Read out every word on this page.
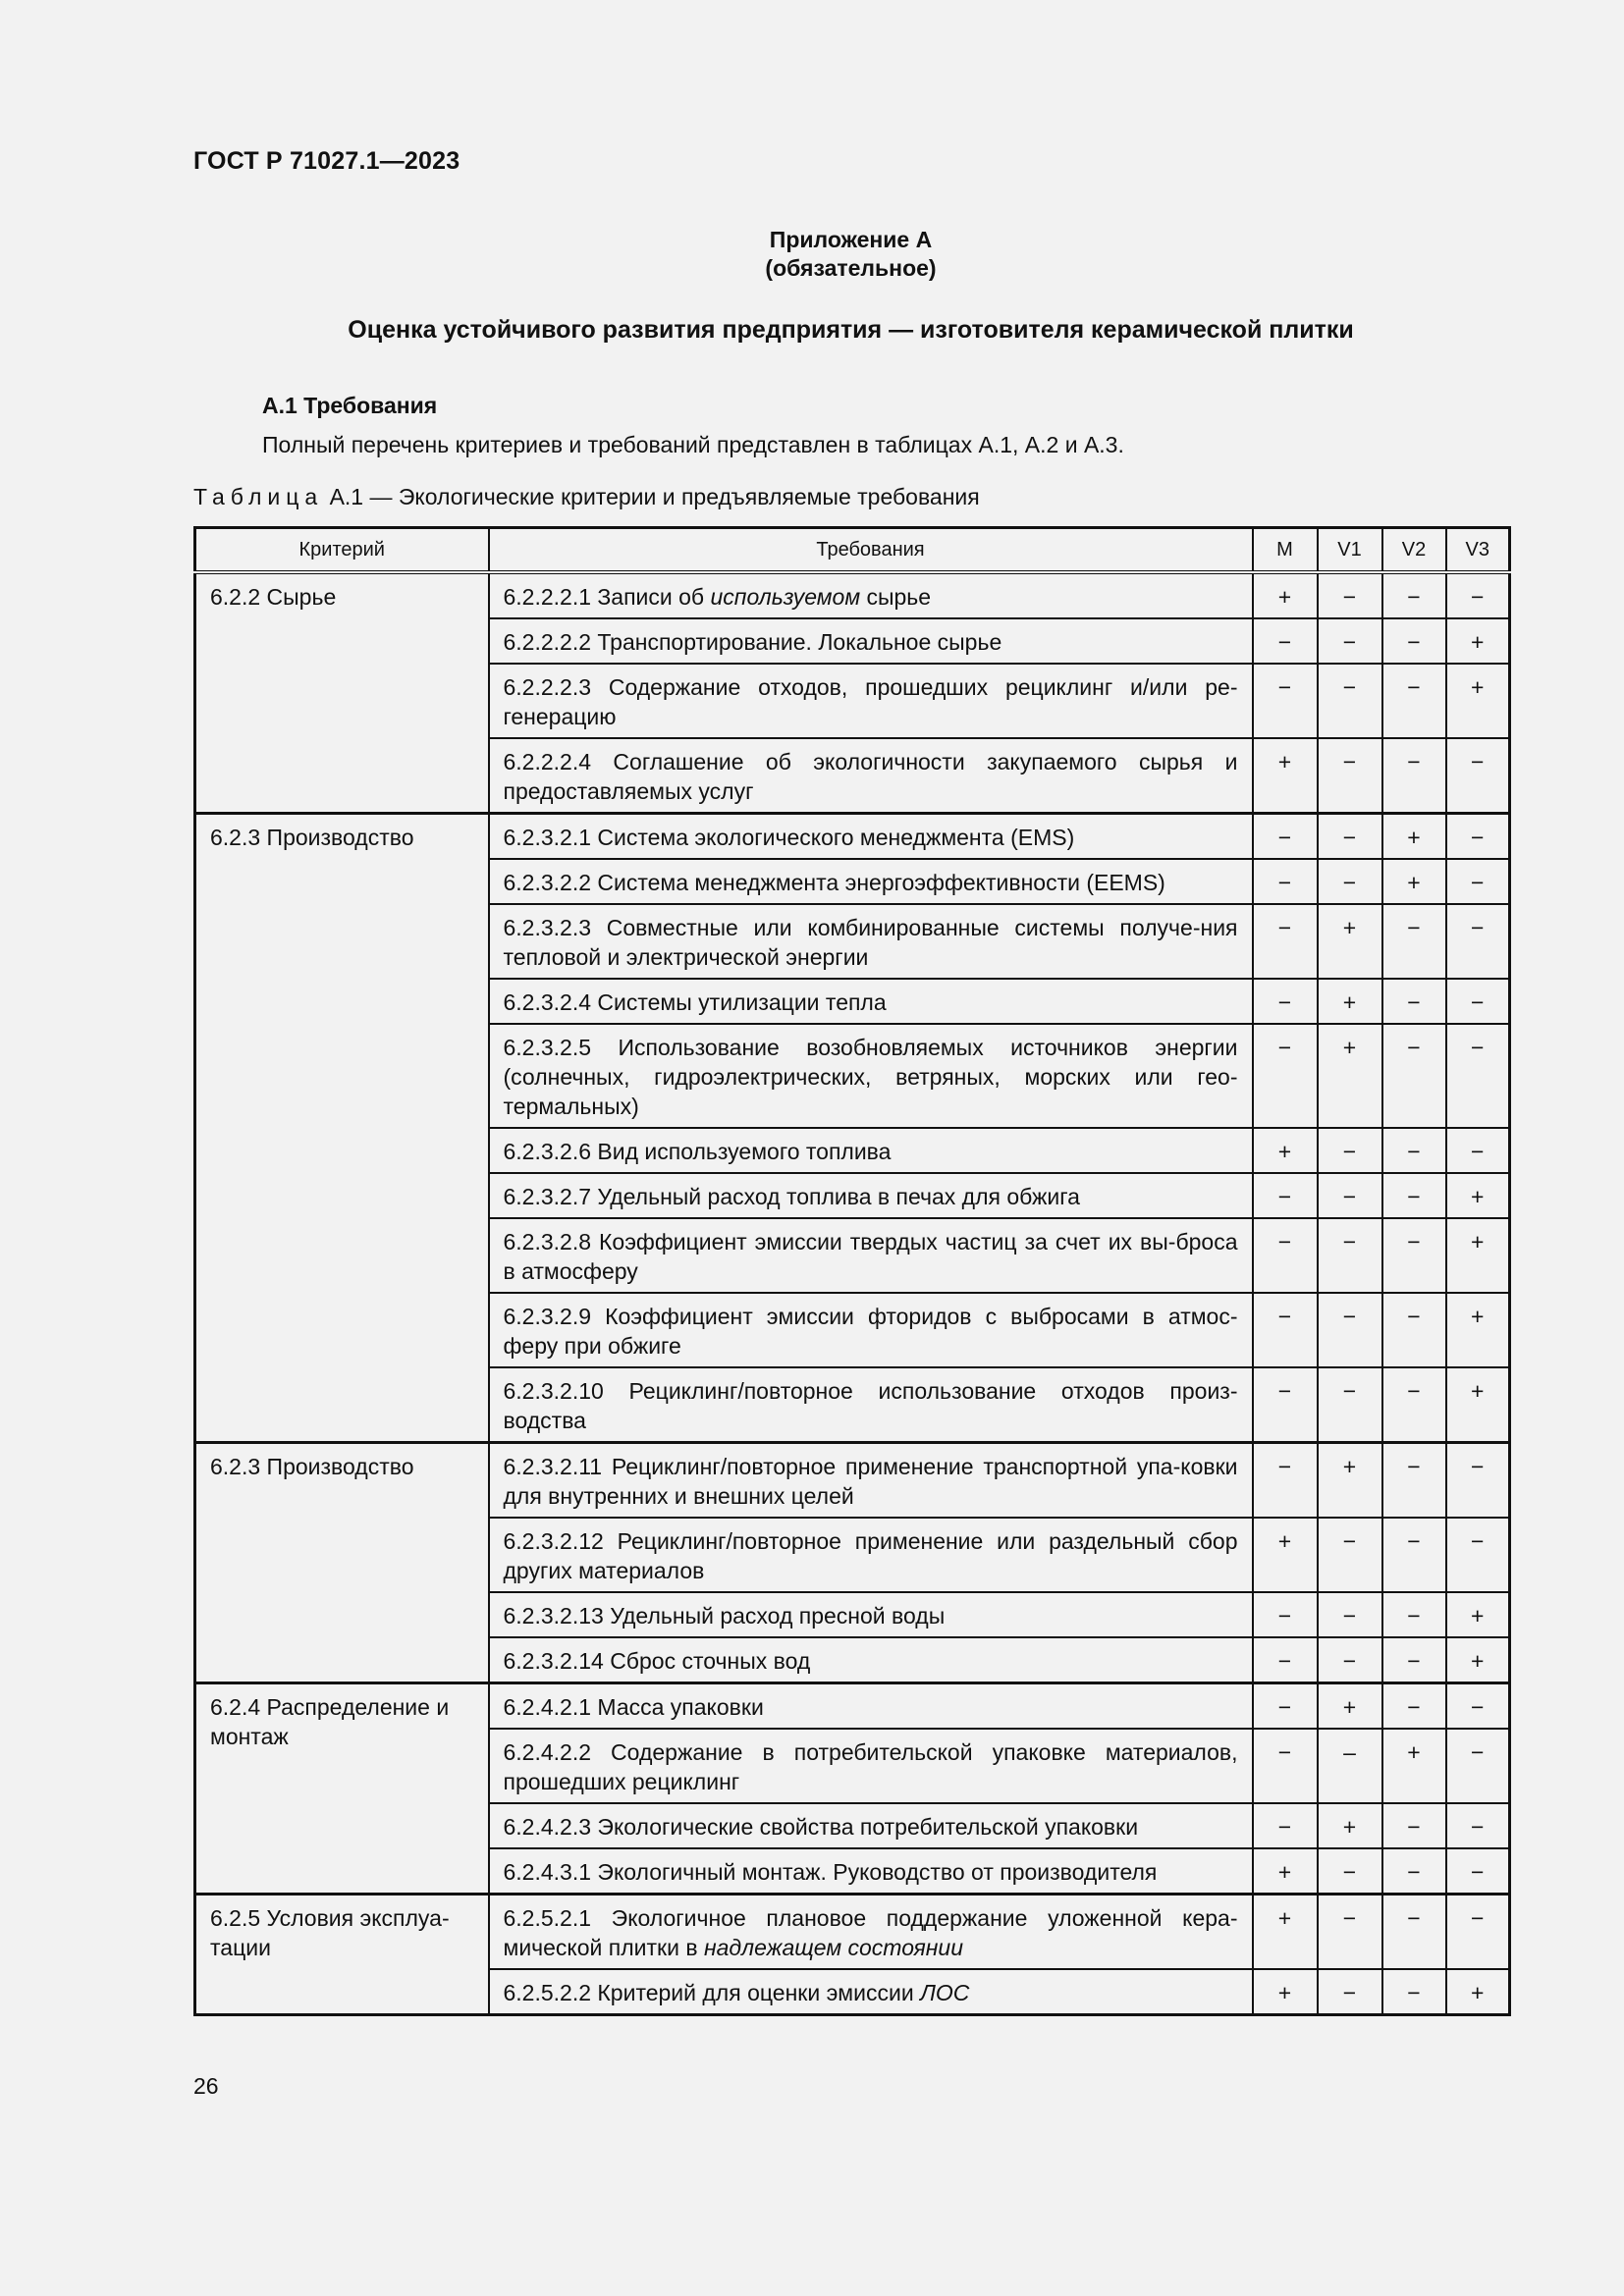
ГОСТ Р 71027.1—2023
Приложение А
(обязательное)
Оценка устойчивого развития предприятия — изготовителя керамической плитки
А.1 Требования
Полный перечень критериев и требований представлен в таблицах А.1, А.2 и А.3.
Таблица А.1 — Экологические критерии и предъявляемые требования
Критерий	Требования	M	V1	V2	V3
6.2.2 Сырье	6.2.2.2.1 Записи об используемом сырье	+	−	−	−
	6.2.2.2.2 Транспортирование. Локальное сырье	−	−	−	+
	6.2.2.2.3 Содержание отходов, прошедших рециклинг и/или ре-генерацию	−	−	−	+
	6.2.2.2.4 Соглашение об экологичности закупаемого сырья и предоставляемых услуг	+	−	−	−
6.2.3 Производство	6.2.3.2.1 Система экологического менеджмента (EMS)	−	−	+	−
	6.2.3.2.2 Система менеджмента энергоэффективности (EEMS)	−	−	+	−
	6.2.3.2.3 Совместные или комбинированные системы получе-ния тепловой и электрической энергии	−	+	−	−
	6.2.3.2.4 Системы утилизации тепла	−	+	−	−
	6.2.3.2.5 Использование возобновляемых источников энергии (солнечных, гидроэлектрических, ветряных, морских или гео-термальных)	−	+	−	−
	6.2.3.2.6 Вид используемого топлива	+	−	−	−
	6.2.3.2.7 Удельный расход топлива в печах для обжига	−	−	−	+
	6.2.3.2.8 Коэффициент эмиссии твердых частиц за счет их вы-броса в атмосферу	−	−	−	+
	6.2.3.2.9 Коэффициент эмиссии фторидов с выбросами в атмос-феру при обжиге	−	−	−	+
	6.2.3.2.10 Рециклинг/повторное использование отходов произ-водства	−	−	−	+
6.2.3 Производство	6.2.3.2.11 Рециклинг/повторное применение транспортной упа-ковки для внутренних и внешних целей	−	+	−	−
	6.2.3.2.12 Рециклинг/повторное применение или раздельный сбор других материалов	+	−	−	−
	6.2.3.2.13 Удельный расход пресной воды	−	−	−	+
	6.2.3.2.14 Сброс сточных вод	−	−	−	+
6.2.4 Распределение и монтаж	6.2.4.2.1 Масса упаковки	−	+	−	−
	6.2.4.2.2 Содержание в потребительской упаковке материалов, прошедших рециклинг	−	–	+	−
	6.2.4.2.3 Экологические свойства потребительской упаковки	−	+	−	−
	6.2.4.3.1 Экологичный монтаж. Руководство от производителя	+	−	−	−
6.2.5 Условия эксплуа-тации	6.2.5.2.1 Экологичное плановое поддержание уложенной кера-мической плитки в надлежащем состоянии	+	−	−	−
	6.2.5.2.2 Критерий для оценки эмиссии ЛОС	+	−	−	+
26
